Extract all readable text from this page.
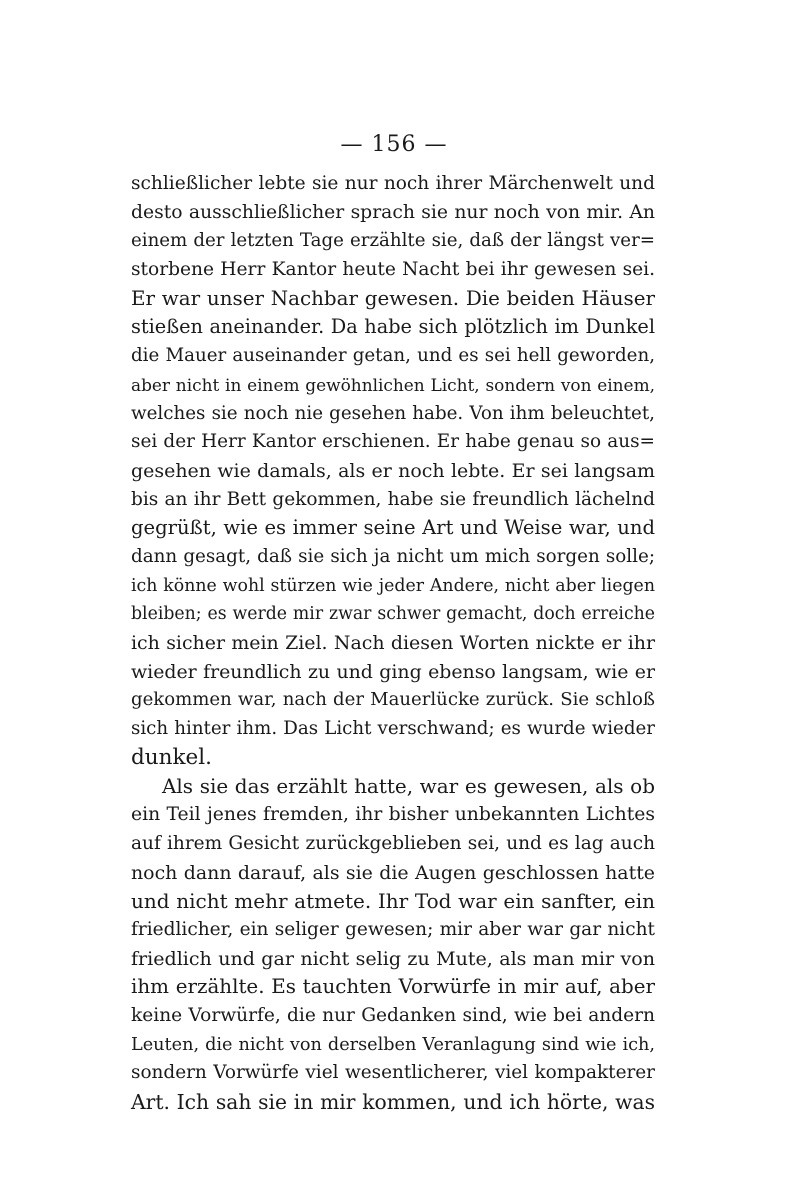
— 156 —
schließlicher lebte sie nur noch ihrer Märchenwelt und
desto ausschließlicher sprach sie nur noch von mir. An
einem der letzten Tage erzählte sie, daß der längst ver=
storbene Herr Kantor heute Nacht bei ihr gewesen sei.
Er war unser Nachbar gewesen. Die beiden Häuser
stießen aneinander. Da habe sich plötzlich im Dunkel
die Mauer auseinander getan, und es sei hell geworden,
aber nicht in einem gewöhnlichen Licht, sondern von einem,
welches sie noch nie gesehen habe. Von ihm beleuchtet,
sei der Herr Kantor erschienen. Er habe genau so aus=
gesehen wie damals, als er noch lebte. Er sei langsam
bis an ihr Bett gekommen, habe sie freundlich lächelnd
gegrüßt, wie es immer seine Art und Weise war, und
dann gesagt, daß sie sich ja nicht um mich sorgen solle;
ich könne wohl stürzen wie jeder Andere, nicht aber liegen
bleiben; es werde mir zwar schwer gemacht, doch erreiche
ich sicher mein Ziel. Nach diesen Worten nickte er ihr
wieder freundlich zu und ging ebenso langsam, wie er
gekommen war, nach der Mauerlücke zurück. Sie schloß
sich hinter ihm. Das Licht verschwand; es wurde wieder
dunkel.
Als sie das erzählt hatte, war es gewesen, als ob
ein Teil jenes fremden, ihr bisher unbekannten Lichtes
auf ihrem Gesicht zurückgeblieben sei, und es lag auch
noch dann darauf, als sie die Augen geschlossen hatte
und nicht mehr atmete. Ihr Tod war ein sanfter, ein
friedlicher, ein seliger gewesen; mir aber war gar nicht
friedlich und gar nicht selig zu Mute, als man mir von
ihm erzählte. Es tauchten Vorwürfe in mir auf, aber
keine Vorwürfe, die nur Gedanken sind, wie bei andern
Leuten, die nicht von derselben Veranlagung sind wie ich,
sondern Vorwürfe viel wesentlicherer, viel kompakterer
Art. Ich sah sie in mir kommen, und ich hörte, was
